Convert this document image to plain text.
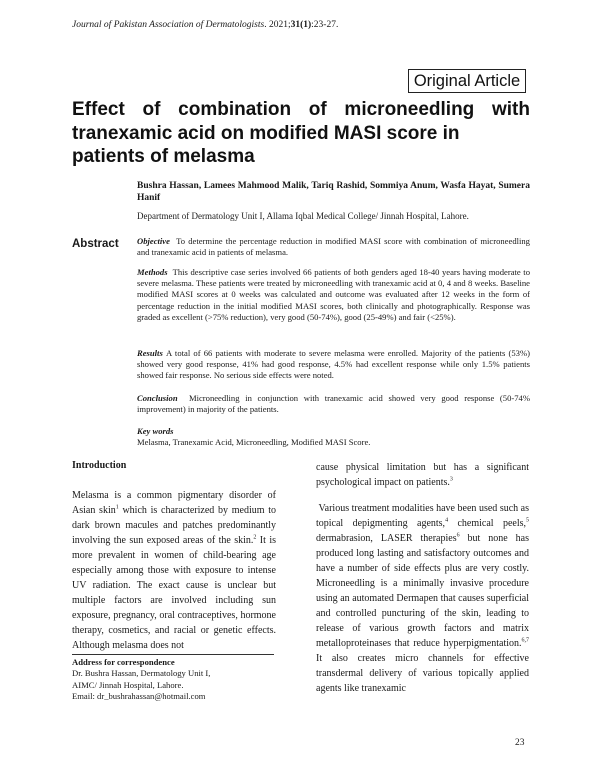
Journal of Pakistan Association of Dermatologists. 2021;31(1):23-27.
Original Article
Effect of combination of microneedling with
tranexamic acid on modified MASI score in patients of melasma
Bushra Hassan, Lamees Mahmood Malik, Tariq Rashid, Sommiya Anum, Wasfa Hayat, Sumera Hanif
Department of Dermatology Unit I, Allama Iqbal Medical College/ Jinnah Hospital, Lahore.
Abstract Objective To determine the percentage reduction in modified MASI score with combination of microneedling and tranexamic acid in patients of melasma.

Methods This descriptive case series involved 66 patients of both genders aged 18-40 years having moderate to severe melasma. These patients were treated by microneedling with tranexamic acid at 0, 4 and 8 weeks. Baseline modified MASI scores at 0 weeks was calculated and outcome was evaluated after 12 weeks in the form of percentage reduction in the initial modified MASI scores, both clinically and photographically. Response was graded as excellent (>75% reduction), very good (50-74%), good (25-49%) and fair (<25%).

Results A total of 66 patients with moderate to severe melasma were enrolled. Majority of the patients (53%) showed very good response, 41% had good response, 4.5% had excellent response while only 1.5% patients showed fair response. No serious side effects were noted.

Conclusion Microneedling in conjunction with tranexamic acid showed very good response (50-74% improvement) in majority of the patients.

Key words
Melasma, Tranexamic Acid, Microneedling, Modified MASI Score.
Introduction

Melasma is a common pigmentary disorder of Asian skin$^1$ which is characterized by medium to dark brown macules and patches predominantly involving the sun exposed areas of the skin.$^2$ It is more prevalent in women of child-bearing age especially among those with exposure to intense UV radiation. The exact cause is unclear but multiple factors are involved including sun exposure, pregnancy, oral contraceptives, hormone therapy, cosmetics, and racial or genetic effects. Although melasma does not

cause physical limitation but has a significant psychological impact on patients.$^3$

Various treatment modalities have been used such as topical depigmenting agents,$^4$ chemical peels,$^5$ dermabrasion, LASER therapies$^6$ but none has produced long lasting and satisfactory outcomes and have a number of side effects plus are very costly. Microneedling is a minimally invasive procedure using an automated Dermapen that causes superficial and controlled puncturing of the skin, leading to release of various growth factors and matrix metalloproteinases that reduce hyperpigmentation.$^{6,7}$ It also creates micro channels for effective transdermal delivery of various topically applied agents like tranexamic

Address for correspondence
Dr. Bushra Hassan, Dermatology Unit I,
AIMC/ Jinnah Hospital, Lahore.
Email: dr_bushrahassan@hotmail.com
23
